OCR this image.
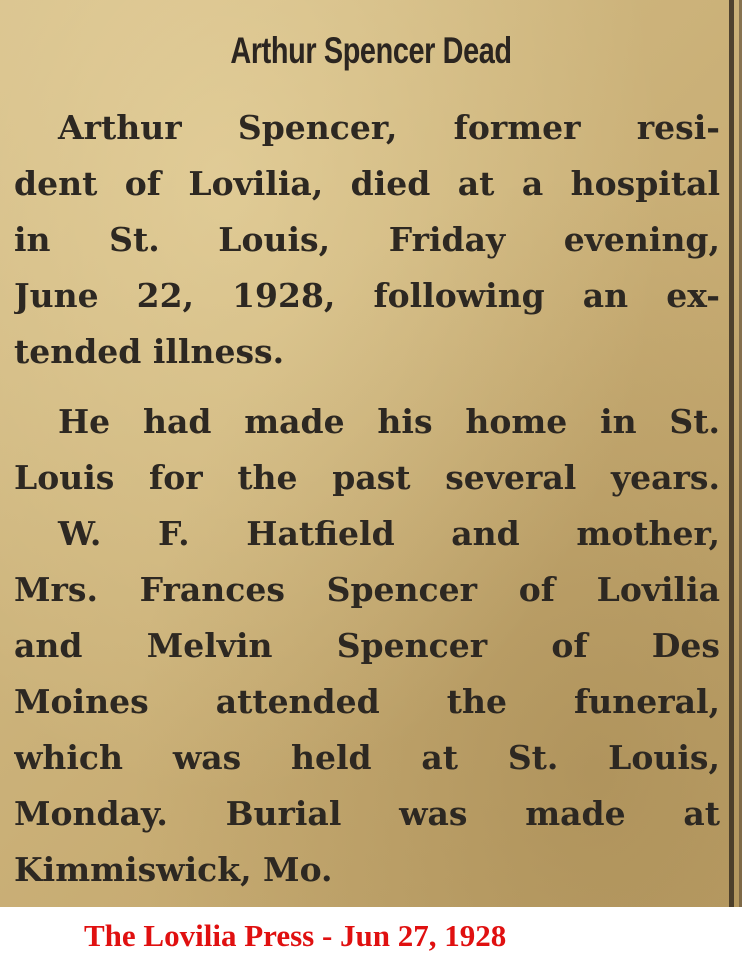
Arthur Spencer Dead
Arthur Spencer, former resi-
dent of Lovilia, died at a hospital
in St. Louis, Friday evening,
June 22, 1928, following an ex-
tended illness.
He had made his home in St.
Louis for the past several years.
W. F. Hatfield and mother,
Mrs. Frances Spencer of Lovilia
and Melvin Spencer of Des
Moines attended the funeral,
which was held at St. Louis,
Monday. Burial was made at
Kimmiswick, Mo.
The Lovilia Press - Jun 27, 1928
